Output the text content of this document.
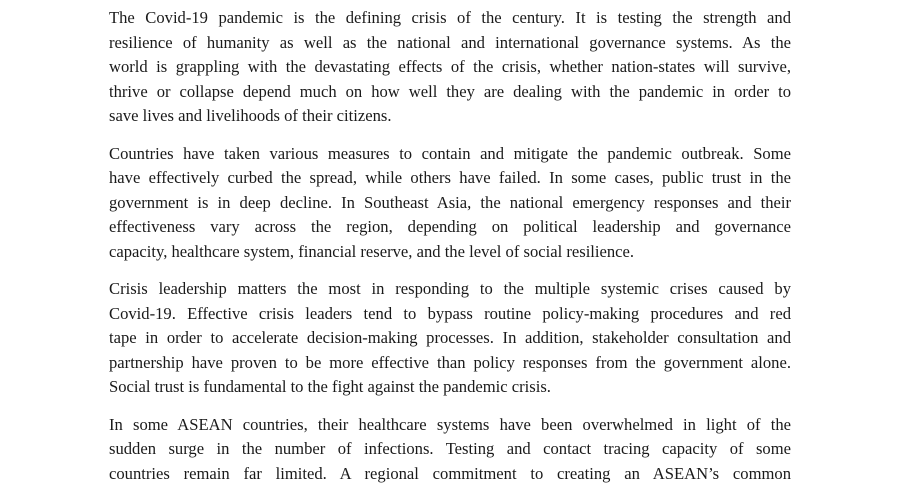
The Covid-19 pandemic is the defining crisis of the century. It is testing the strength and
resilience of humanity as well as the national and international governance systems. As the
world is grappling with the devastating effects of the crisis, whether nation-states will survive,
thrive or collapse depend much on how well they are dealing with the pandemic in order to
save lives and livelihoods of their citizens.

Countries have taken various measures to contain and mitigate the pandemic outbreak. Some
have effectively curbed the spread, while others have failed. In some cases, public trust in the
government is in deep decline. In Southeast Asia, the national emergency responses and their
effectiveness vary across the region, depending on political leadership and governance
capacity, healthcare system, financial reserve, and the level of social resilience.

Crisis leadership matters the most in responding to the multiple systemic crises caused by
Covid-19. Effective crisis leaders tend to bypass routine policy-making procedures and red
tape in order to accelerate decision-making processes. In addition, stakeholder consultation and
partnership have proven to be more effective than policy responses from the government alone.
Social trust is fundamental to the fight against the pandemic crisis.

In some ASEAN countries, their healthcare systems have been overwhelmed in light of the
sudden surge in the number of infections. Testing and contact tracing capacity of some
countries remain far limited. A regional commitment to creating an ASEAN’s common
